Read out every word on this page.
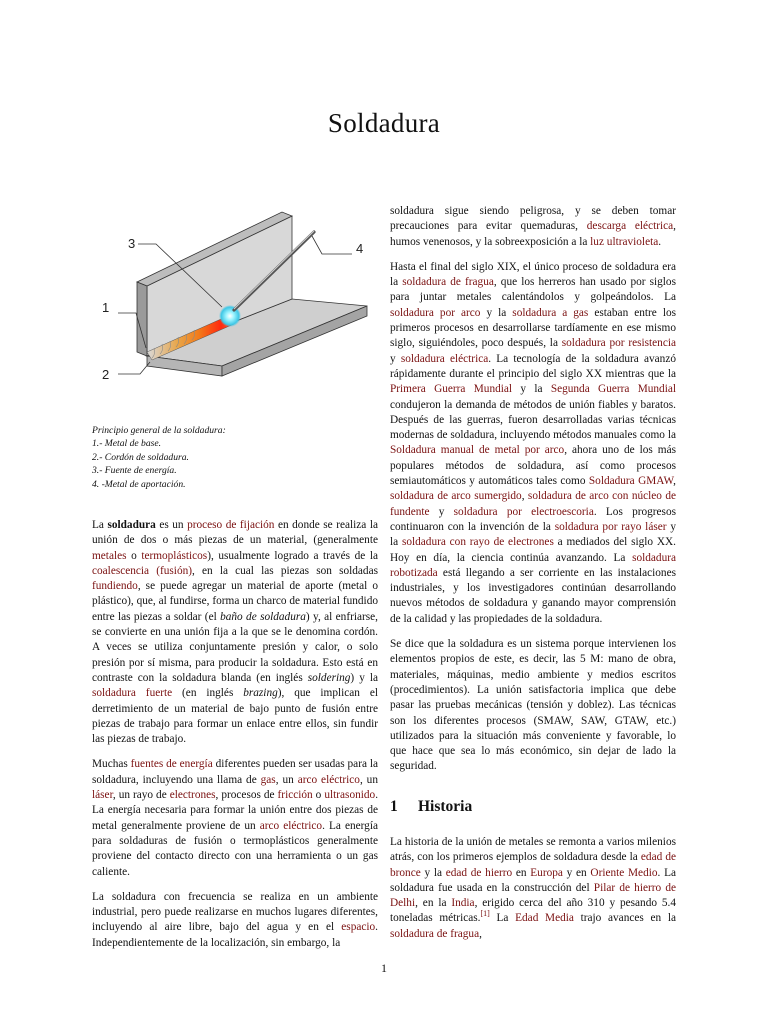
Soldadura
3	4
1
2
Principio general de la soldadura:
1.- Metal de base.
2.- Cordón de soldadura.
3.- Fuente de energía.
4. -Metal de aportación.

La soldadura es un proceso de fijación en donde se realiza la unión de dos o más piezas de un material, (generalmente metales o termoplásticos), usualmente logrado a través de la coalescencia (fusión), en la cual las piezas son soldadas fundiendo, se puede agregar un material de aporte (metal o plástico), que, al fundirse, forma un charco de material fundido entre las piezas a soldar (el baño de soldadura) y, al enfriarse, se convierte en una unión fija a la que se le denomina cordón. A veces se utiliza conjuntamente presión y calor, o solo presión por sí misma, para producir la soldadura. Esto está en contraste con la soldadura blanda (en inglés soldering) y la soldadura fuerte (en inglés brazing), que implican el derretimiento de un material de bajo punto de fusión entre piezas de trabajo para formar un enlace entre ellos, sin fundir las piezas de trabajo.

Muchas fuentes de energía diferentes pueden ser usadas para la soldadura, incluyendo una llama de gas, un arco eléctrico, un láser, un rayo de electrones, procesos de fricción o ultrasonido. La energía necesaria para formar la unión entre dos piezas de metal generalmente proviene de un arco eléctrico. La energía para soldaduras de fusión o termoplásticos generalmente proviene del contacto directo con una herramienta o un gas caliente.

La soldadura con frecuencia se realiza en un ambiente industrial, pero puede realizarse en muchos lugares diferentes, incluyendo al aire libre, bajo del agua y en el espacio. Independientemente de la localización, sin embargo, la

soldadura sigue siendo peligrosa, y se deben tomar precauciones para evitar quemaduras, descarga eléctrica, humos venenosos, y la sobreexposición a la luz ultravioleta.

Hasta el final del siglo XIX, el único proceso de soldadura era la soldadura de fragua, que los herreros han usado por siglos para juntar metales calentándolos y golpeándolos. La soldadura por arco y la soldadura a gas estaban entre los primeros procesos en desarrollarse tardíamente en ese mismo siglo, siguiéndoles, poco después, la soldadura por resistencia y soldadura eléctrica. La tecnología de la soldadura avanzó rápidamente durante el principio del siglo XX mientras que la Primera Guerra Mundial y la Segunda Guerra Mundial condujeron la demanda de métodos de unión fiables y baratos. Después de las guerras, fueron desarrolladas varias técnicas modernas de soldadura, incluyendo métodos manuales como la Soldadura manual de metal por arco, ahora uno de los más populares métodos de soldadura, así como procesos semiautomáticos y automáticos tales como Soldadura GMAW, soldadura de arco sumergido, soldadura de arco con núcleo de fundente y soldadura por electroescoria. Los progresos continuaron con la invención de la soldadura por rayo láser y la soldadura con rayo de electrones a mediados del siglo XX. Hoy en día, la ciencia continúa avanzando. La soldadura robotizada está llegando a ser corriente en las instalaciones industriales, y los investigadores continúan desarrollando nuevos métodos de soldadura y ganando mayor comprensión de la calidad y las propiedades de la soldadura.

Se dice que la soldadura es un sistema porque intervienen los elementos propios de este, es decir, las 5 M: mano de obra, materiales, máquinas, medio ambiente y medios escritos (procedimientos). La unión satisfactoria implica que debe pasar las pruebas mecánicas (tensión y doblez). Las técnicas son los diferentes procesos (SMAW, SAW, GTAW, etc.) utilizados para la situación más conveniente y favorable, lo que hace que sea lo más económico, sin dejar de lado la seguridad.

1 Historia

La historia de la unión de metales se remonta a varios milenios atrás, con los primeros ejemplos de soldadura desde la edad de bronce y la edad de hierro en Europa y en Oriente Medio. La soldadura fue usada en la construcción del Pilar de hierro de Delhi, en la India, erigido cerca del año 310 y pesando 5.4 toneladas métricas.[1] La Edad Media trajo avances en la soldadura de fragua,

1
